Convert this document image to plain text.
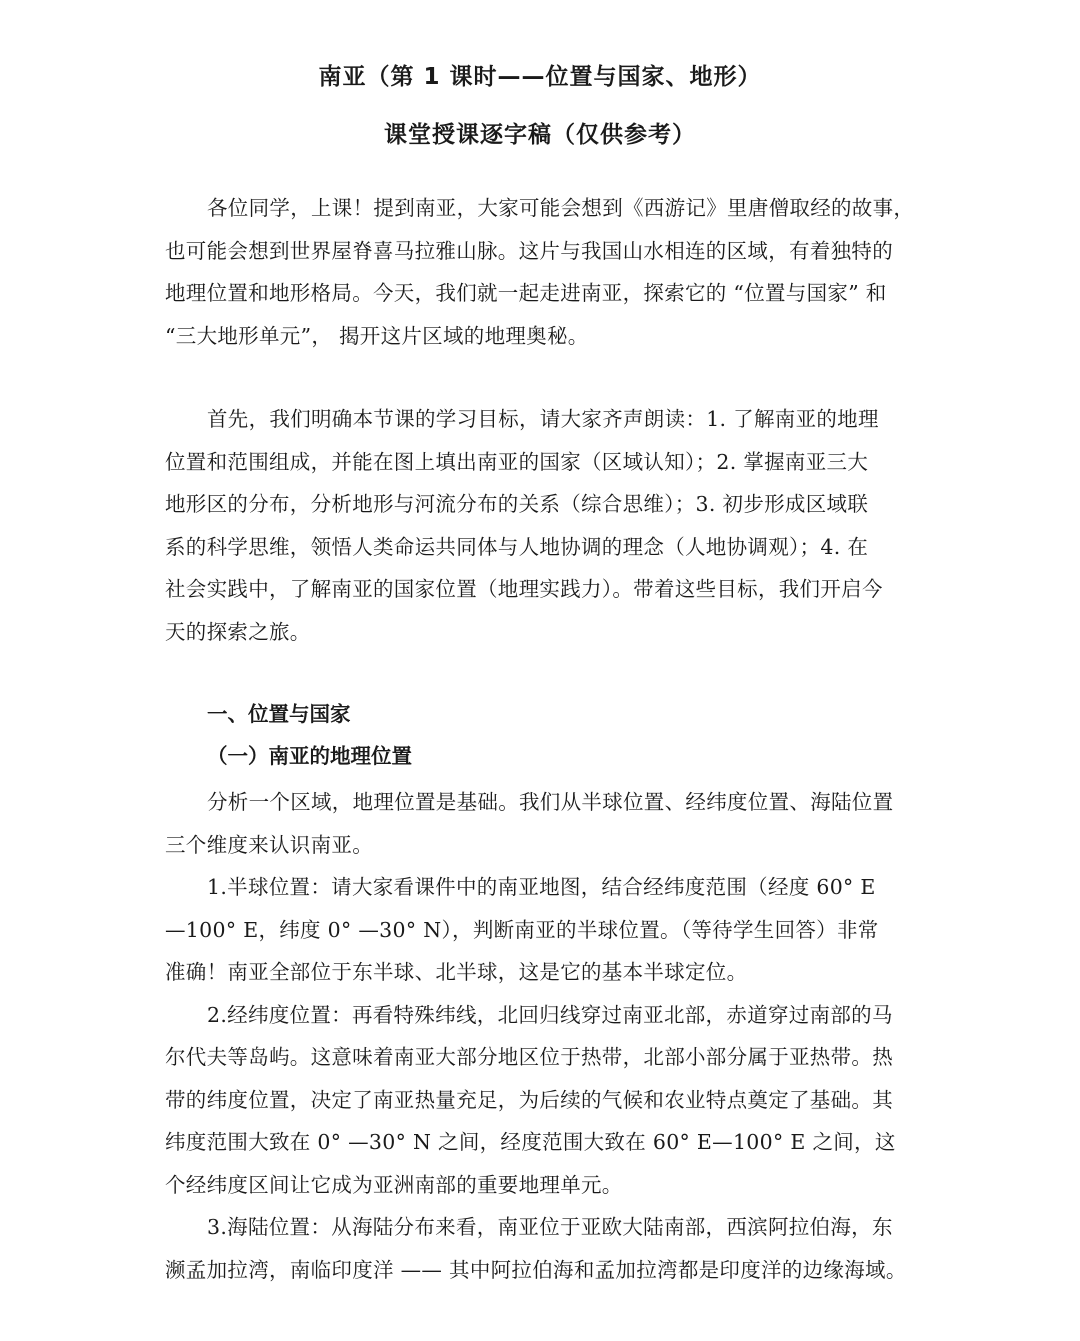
南亚（第 1 课时——位置与国家、地形）
课堂授课逐字稿（仅供参考）
各位同学，上课！提到南亚，大家可能会想到《西游记》里唐僧取经的故事，
也可能会想到世界屋脊喜马拉雅山脉。这片与我国山水相连的区域，有着独特的
地理位置和地形格局。今天，我们就一起走进南亚，探索它的 “位置与国家” 和
“三大地形单元”， 揭开这片区域的地理奥秘。
首先，我们明确本节课的学习目标，请大家齐声朗读：1. 了解南亚的地理
位置和范围组成，并能在图上填出南亚的国家（区域认知）；2. 掌握南亚三大
地形区的分布，分析地形与河流分布的关系（综合思维）；3. 初步形成区域联
系的科学思维，领悟人类命运共同体与人地协调的理念（人地协调观）；4. 在
社会实践中，了解南亚的国家位置（地理实践力）。带着这些目标，我们开启今
天的探索之旅。
一、位置与国家
（一）南亚的地理位置
分析一个区域，地理位置是基础。我们从半球位置、经纬度位置、海陆位置
三个维度来认识南亚。
1.半球位置：请大家看课件中的南亚地图，结合经纬度范围（经度 60° E
—100° E，纬度 0° —30° N），判断南亚的半球位置。（等待学生回答）非常
准确！南亚全部位于东半球、北半球，这是它的基本半球定位。
2.经纬度位置：再看特殊纬线，北回归线穿过南亚北部，赤道穿过南部的马
尔代夫等岛屿。这意味着南亚大部分地区位于热带，北部小部分属于亚热带。热
带的纬度位置，决定了南亚热量充足，为后续的气候和农业特点奠定了基础。其
纬度范围大致在 0° —30° N 之间，经度范围大致在 60° E—100° E 之间，这
个经纬度区间让它成为亚洲南部的重要地理单元。
3.海陆位置：从海陆分布来看，南亚位于亚欧大陆南部，西滨阿拉伯海，东
濒孟加拉湾，南临印度洋 —— 其中阿拉伯海和孟加拉湾都是印度洋的边缘海域。
